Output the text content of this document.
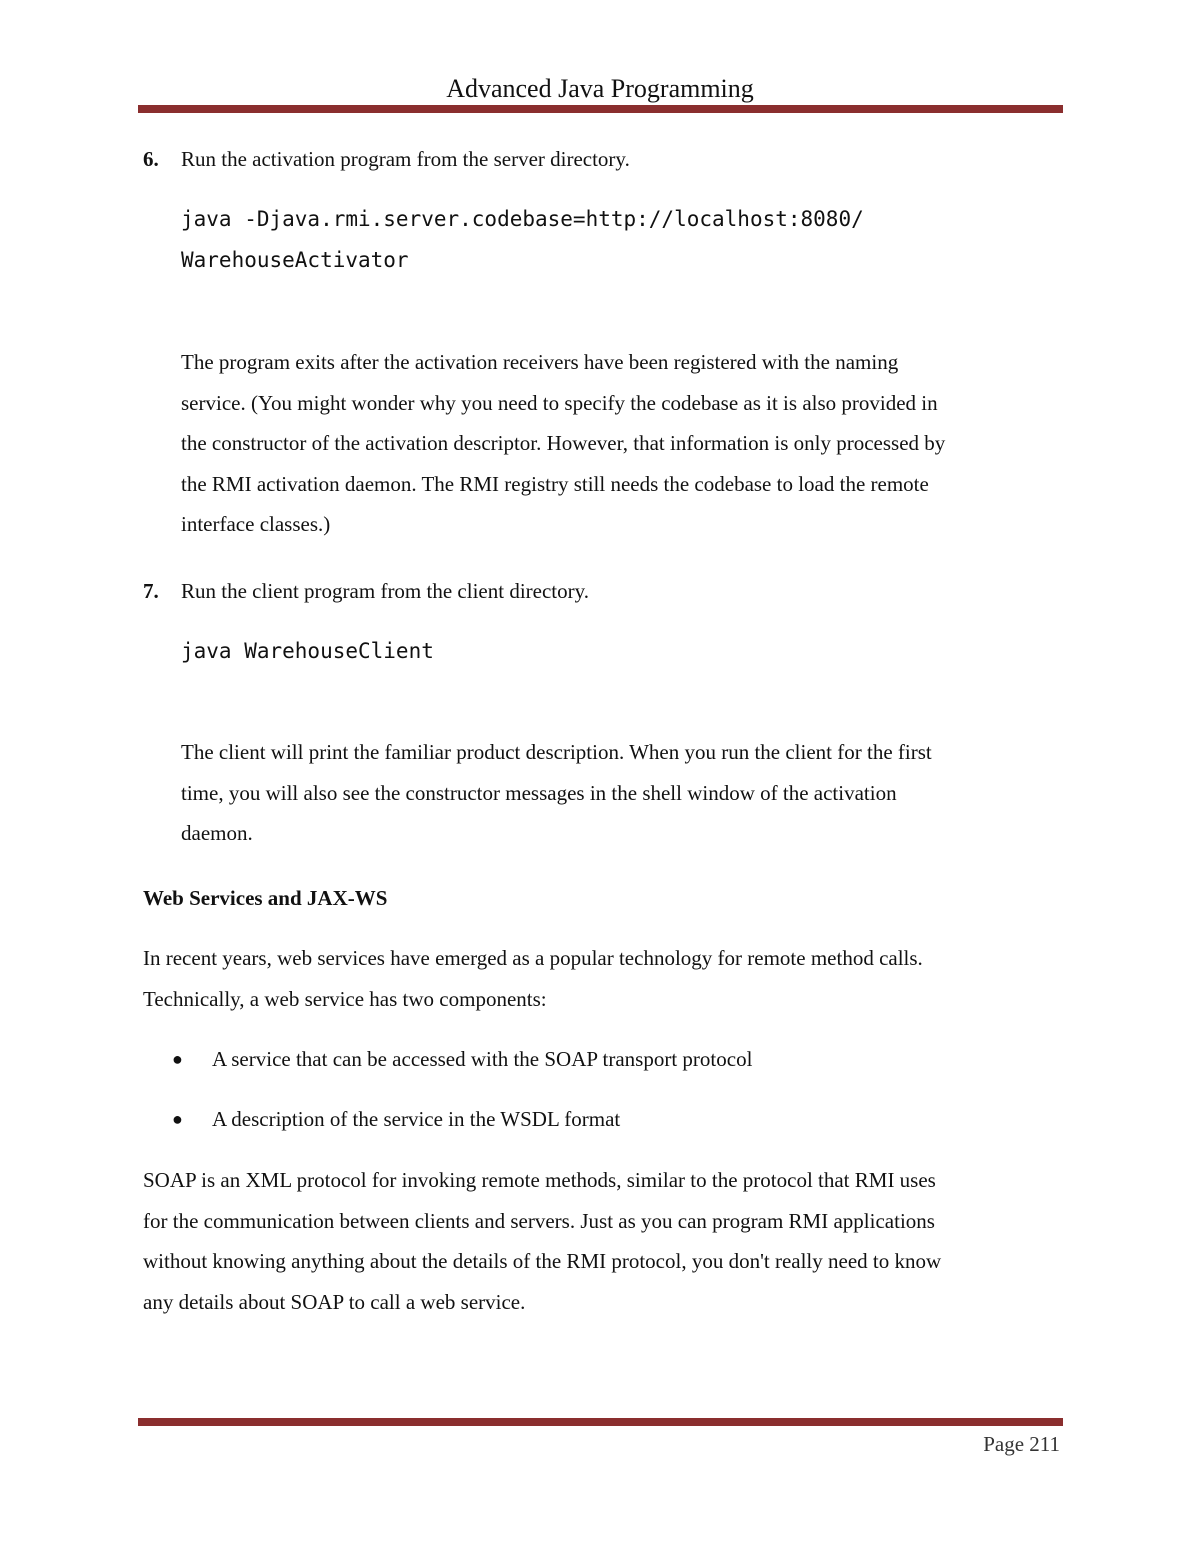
Advanced Java Programming
6. Run the activation program from the server directory.
java -Djava.rmi.server.codebase=http://localhost:8080/
WarehouseActivator
The program exits after the activation receivers have been registered with the naming
service. (You might wonder why you need to specify the codebase as it is also provided in
the constructor of the activation descriptor. However, that information is only processed by
the RMI activation daemon. The RMI registry still needs the codebase to load the remote
interface classes.)
7. Run the client program from the client directory.
java WarehouseClient
The client will print the familiar product description. When you run the client for the first
time, you will also see the constructor messages in the shell window of the activation
daemon.
Web Services and JAX-WS
In recent years, web services have emerged as a popular technology for remote method calls.
Technically, a web service has two components:
● A service that can be accessed with the SOAP transport protocol
● A description of the service in the WSDL format
SOAP is an XML protocol for invoking remote methods, similar to the protocol that RMI uses
for the communication between clients and servers. Just as you can program RMI applications
without knowing anything about the details of the RMI protocol, you don't really need to know
any details about SOAP to call a web service.
Page 211
